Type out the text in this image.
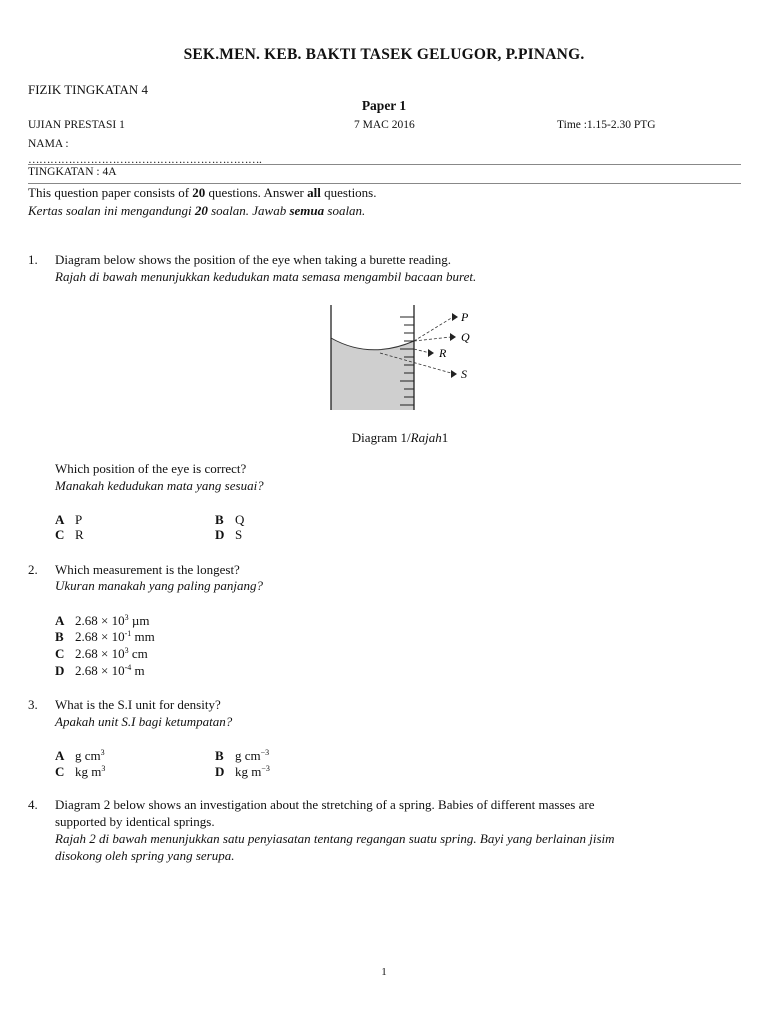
SEK.MEN. KEB. BAKTI TASEK GELUGOR, P.PINANG.
FIZIK TINGKATAN 4
Paper 1
UJIAN PRESTASI 1	7 MAC 2016	Time :1.15-2.30 PTG
NAMA :
……………………………………………………….
TINGKATAN : 4A
This question paper consists of 20 questions. Answer all questions.
Kertas soalan ini mengandungi 20 soalan. Jawab semua soalan.
1. Diagram below shows the position of the eye when taking a burette reading.
Rajah di bawah menunjukkan kedudukan mata semasa mengambil bacaan buret.
P
Q
R
S
Diagram 1/Rajah1
Which position of the eye is correct?
Manakah kedudukan mata yang sesuai?
A P	B Q
C R	D S
2. Which measurement is the longest?
Ukuran manakah yang paling panjang?
A $2.68 \times 10^3$ µm
B $2.68 \times 10^{-1}$ mm
C $2.68 \times 10^3$ cm
D $2.68 \times 10^{-4}$ m
3. What is the S.I unit for density?
Apakah unit S.I bagi ketumpatan?
A g $cm^3$	B g $cm^{-3}$
C kg $m^3$	D kg $m^{-3}$
4. Diagram 2 below shows an investigation about the stretching of a spring. Babies of different masses are
supported by identical springs.
Rajah 2 di bawah menunjukkan satu penyiasatan tentang regangan suatu spring. Bayi yang berlainan jisim
disokong oleh spring yang serupa.
1
